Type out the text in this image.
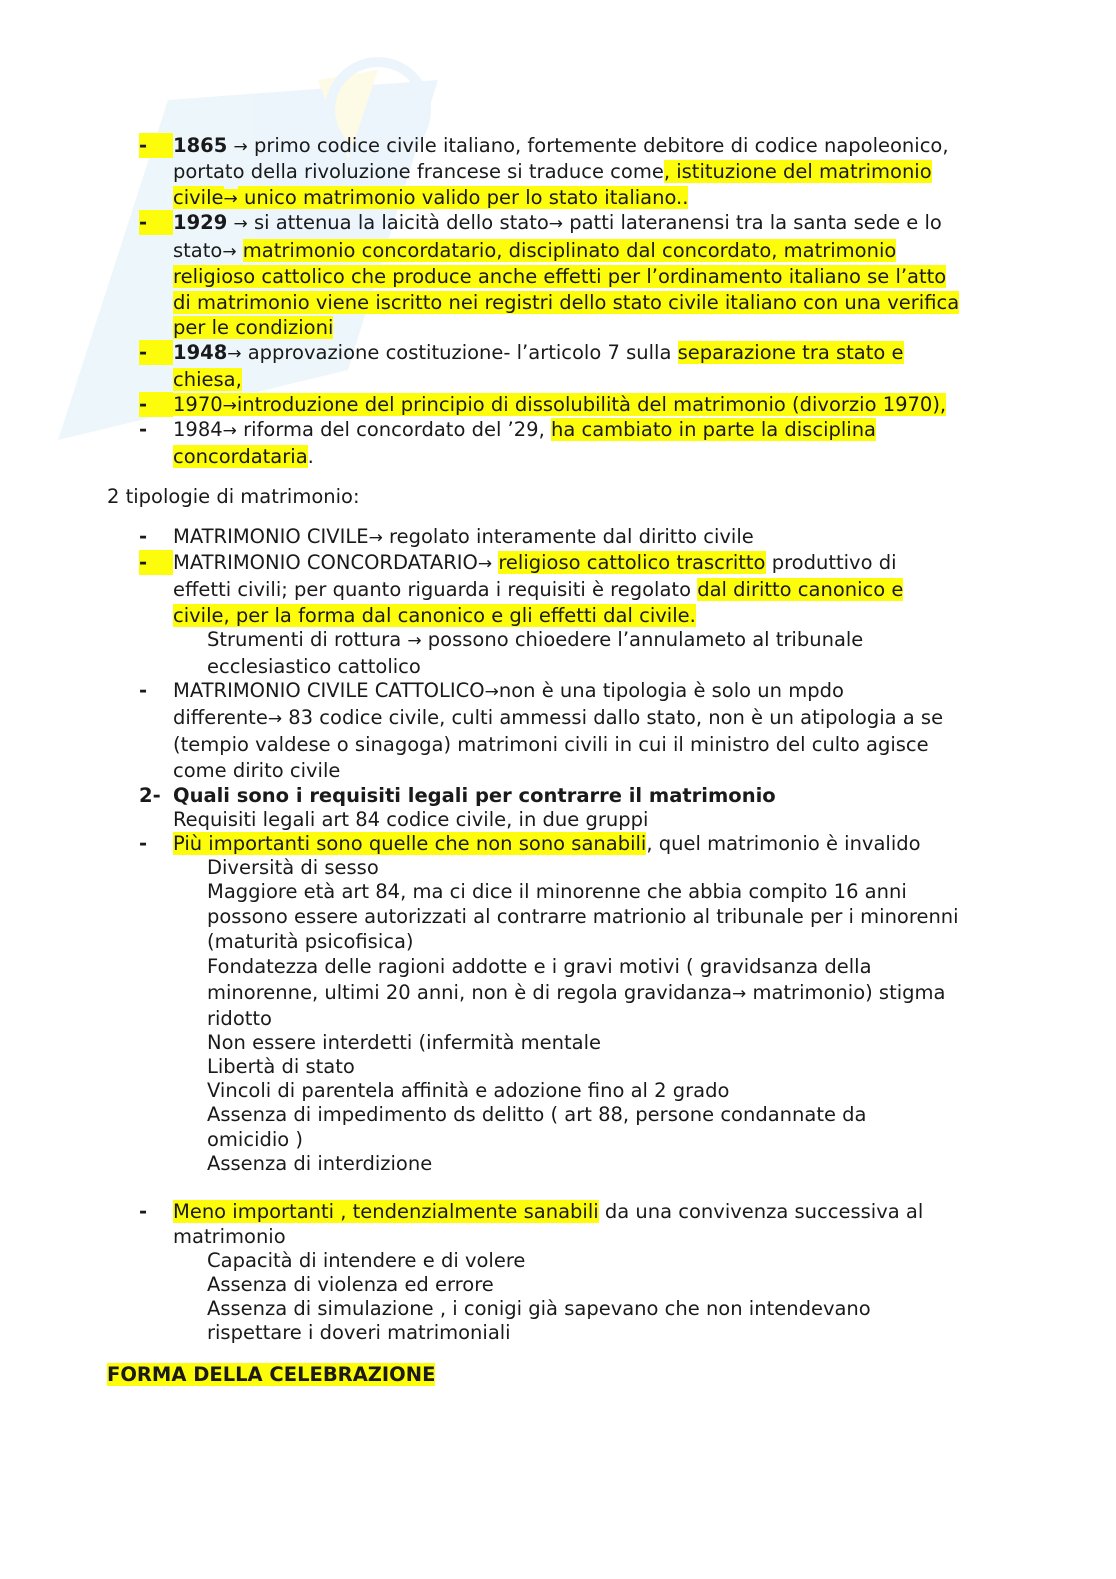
-	1865 → primo codice civile italiano, fortemente debitore di codice napoleonico,
portato della rivoluzione francese si traduce come, istituzione del matrimonio
civile→ unico matrimonio valido per lo stato italiano..
-	1929 → si attenua la laicità dello stato→ patti lateranensi tra la santa sede e lo
stato→ matrimonio concordatario, disciplinato dal concordato, matrimonio
religioso cattolico che produce anche effetti per l’ordinamento italiano se l’atto
di matrimonio viene iscritto nei registri dello stato civile italiano con una verifica
per le condizioni
-	1948→ approvazione costituzione- l’articolo 7 sulla separazione tra stato e
chiesa,
-	1970→introduzione del principio di dissolubilità del matrimonio (divorzio 1970),
- 1984→ riforma del concordato del ’29, ha cambiato in parte la disciplina
concordataria.
2 tipologie di matrimonio:
- MATRIMONIO CIVILE→ regolato interamente dal diritto civile
-	MATRIMONIO CONCORDATARIO→ religioso cattolico trascritto produttivo di
effetti civili; per quanto riguarda i requisiti è regolato dal diritto canonico e
civile, per la forma dal canonico e gli effetti dal civile.
Strumenti di rottura → possono chioedere l’annulameto al tribunale
ecclesiastico cattolico
- MATRIMONIO CIVILE CATTOLICO→non è una tipologia è solo un mpdo
differente→ 83 codice civile, culti ammessi dallo stato, non è un atipologia a se
(tempio valdese o sinagoga) matrimoni civili in cui il ministro del culto agisce
come dirito civile
2- Quali sono i requisiti legali per contrarre il matrimonio
Requisiti legali art 84 codice civile, in due gruppi
- Più importanti sono quelle che non sono sanabili, quel matrimonio è invalido
Diversità di sesso
Maggiore età art 84, ma ci dice il minorenne che abbia compito 16 anni
possono essere autorizzati al contrarre matrionio al tribunale per i minorenni
(maturità psicofisica)
Fondatezza delle ragioni addotte e i gravi motivi ( gravidsanza della
minorenne, ultimi 20 anni, non è di regola gravidanza→ matrimonio) stigma
ridotto
Non essere interdetti (infermità mentale
Libertà di stato
Vincoli di parentela affinità e adozione fino al 2 grado
Assenza di impedimento ds delitto ( art 88, persone condannate da
omicidio )
Assenza di interdizione
- Meno importanti , tendenzialmente sanabili da una convivenza successiva al
matrimonio
Capacità di intendere e di volere
Assenza di violenza ed errore
Assenza di simulazione , i conigi già sapevano che non intendevano
rispettare i doveri matrimoniali
FORMA DELLA CELEBRAZIONE
